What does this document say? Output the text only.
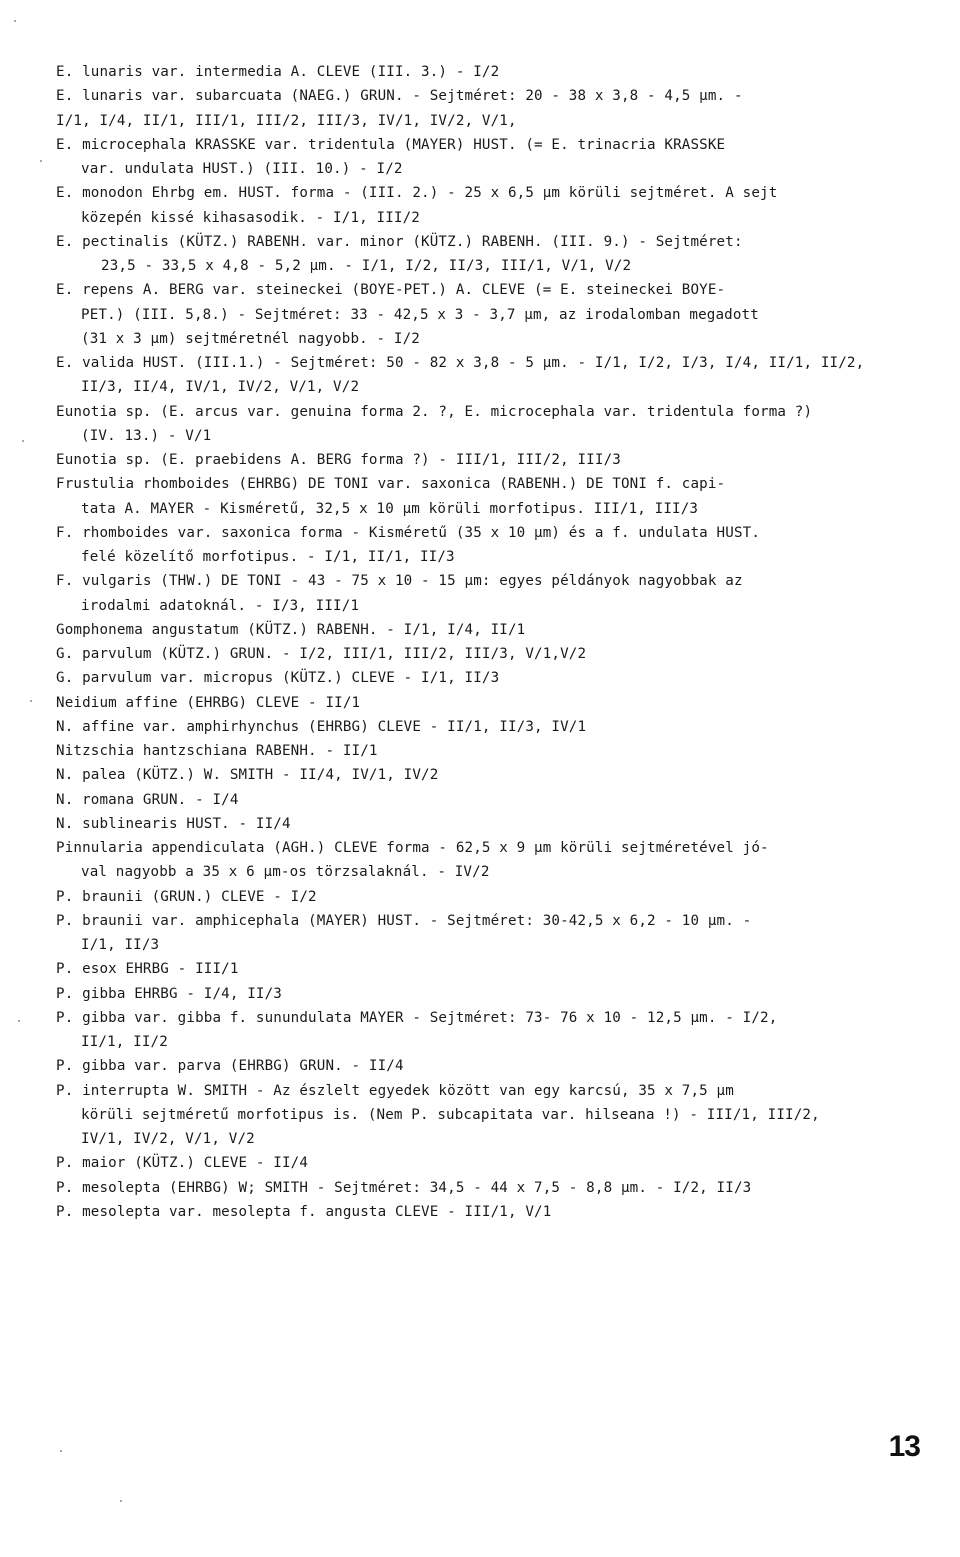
E. lunaris var. intermedia A. CLEVE (III. 3.) - I/2
E. lunaris var. subarcuata (NAEG.) GRUN. - Sejtméret: 20 - 38 x 3,8 - 4,5 μm. -
I/1, I/4, II/1, III/1, III/2, III/3, IV/1, IV/2, V/1,
E. microcephala KRASSKE var. tridentula (MAYER) HUST. (= E. trinacria KRASSKE
var. undulata HUST.) (III. 10.) - I/2
E. monodon Ehrbg em. HUST. forma - (III. 2.) - 25 x 6,5 μm körüli sejtméret. A sejt
közepén kissé kihasasodik. - I/1, III/2
E. pectinalis (KÜTZ.) RABENH. var. minor (KÜTZ.) RABENH. (III. 9.) - Sejtméret:
23,5 - 33,5 x 4,8 - 5,2 μm. - I/1, I/2, II/3, III/1, V/1, V/2
E. repens A. BERG var. steineckei (BOYE-PET.) A. CLEVE (= E. steineckei BOYE-
PET.) (III. 5,8.) - Sejtméret: 33 - 42,5 x 3 - 3,7 μm, az irodalomban megadott
(31 x 3 μm) sejtméretnél nagyobb. - I/2
E. valida HUST. (III.1.) - Sejtméret: 50 - 82 x 3,8 - 5 μm. - I/1, I/2, I/3, I/4, II/1, II/2,
II/3, II/4, IV/1, IV/2, V/1, V/2
Eunotia sp. (E. arcus var. genuina forma 2. ?, E. microcephala var. tridentula forma ?)
(IV. 13.) - V/1
Eunotia sp. (E. praebidens A. BERG forma ?) - III/1, III/2, III/3
Frustulia rhomboides (EHRBG) DE TONI var. saxonica (RABENH.) DE TONI f. capi-
tata A. MAYER - Kisméretű, 32,5 x 10 μm körüli morfotipus. III/1, III/3
F. rhomboides var. saxonica forma - Kisméretű (35 x 10 μm) és a f. undulata HUST.
felé közelítő morfotipus. - I/1, II/1, II/3
F. vulgaris (THW.) DE TONI - 43 - 75 x 10 - 15 μm: egyes példányok nagyobbak az
irodalmi adatoknál. - I/3, III/1
Gomphonema angustatum (KÜTZ.) RABENH. - I/1, I/4, II/1
G. parvulum (KÜTZ.) GRUN. - I/2, III/1, III/2, III/3, V/1,V/2
G. parvulum var. micropus (KÜTZ.) CLEVE - I/1, II/3
Neidium affine (EHRBG) CLEVE - II/1
N. affine var. amphirhynchus (EHRBG) CLEVE - II/1, II/3, IV/1
Nitzschia hantzschiana RABENH. - II/1
N. palea (KÜTZ.) W. SMITH - II/4, IV/1, IV/2
N. romana GRUN. - I/4
N. sublinearis HUST. - II/4
Pinnularia appendiculata (AGH.) CLEVE forma - 62,5 x 9 μm körüli sejtméretével jó-
val nagyobb a 35 x 6 μm-os törzsalaknál. - IV/2
P. braunii (GRUN.) CLEVE - I/2
P. braunii var. amphicephala (MAYER) HUST. - Sejtméret: 30-42,5 x 6,2 - 10 μm. -
I/1, II/3
P. esox EHRBG - III/1
P. gibba EHRBG - I/4, II/3
P. gibba var. gibba f. sunundulata MAYER - Sejtméret: 73- 76 x 10 - 12,5 μm. - I/2,
II/1, II/2
P. gibba var. parva (EHRBG) GRUN. - II/4
P. interrupta W. SMITH - Az észlelt egyedek között van egy karcsú, 35 x 7,5 μm
körüli sejtméretű morfotipus is. (Nem P. subcapitata var. hilseana !) - III/1, III/2,
IV/1, IV/2, V/1, V/2
P. maior (KÜTZ.) CLEVE - II/4
P. mesolepta (EHRBG) W; SMITH - Sejtméret: 34,5 - 44 x 7,5 - 8,8 μm. - I/2, II/3
P. mesolepta var. mesolepta f. angusta CLEVE - III/1, V/1
13
